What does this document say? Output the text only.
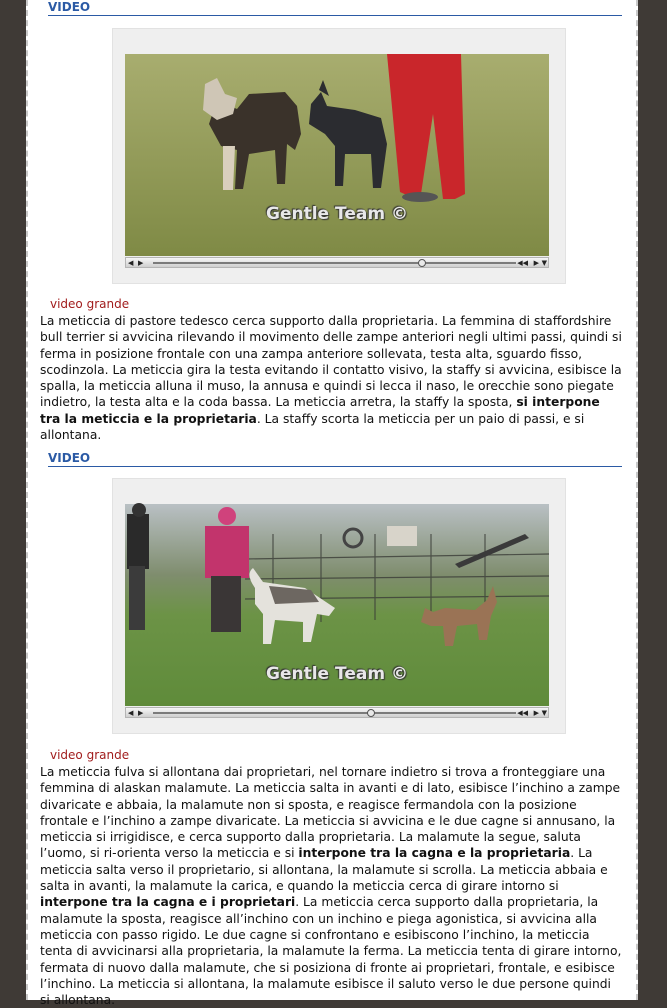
VIDEO
Gentle Team ©
◀ ▶	◀◀ ▶ ▼
video grande

La meticcia di pastore tedesco cerca supporto dalla proprietaria. La femmina di staffordshire bull terrier si avvicina rilevando il movimento delle zampe anteriori negli ultimi passi, quindi si ferma in posizione frontale con una zampa anteriore sollevata, testa alta, sguardo fisso, scodinzola. La meticcia gira la testa evitando il contatto visivo, la staffy si avvicina, esibisce la spalla, la meticcia alluna il muso, la annusa e quindi si lecca il naso, le orecchie sono piegate indietro, la testa alta e la coda bassa. La meticcia arretra, la staffy la sposta, si interpone tra la meticcia e la proprietaria. La staffy scorta la meticcia per un paio di passi, e si allontana.

VIDEO
Gentle Team ©
◀ ▶	◀◀ ▶ ▼
video grande

La meticcia fulva si allontana dai proprietari, nel tornare indietro si trova a fronteggiare una femmina di alaskan malamute. La meticcia salta in avanti e di lato, esibisce l’inchino a zampe divaricate e abbaia, la malamute non si sposta, e reagisce fermandola con la posizione frontale e l’inchino a zampe divaricate. La meticcia si avvicina e le due cagne si annusano, la meticcia si irrigidisce, e cerca supporto dalla proprietaria. La malamute la segue, saluta l’uomo, si ri-orienta verso la meticcia e si interpone tra la cagna e la proprietaria. La meticcia salta verso il proprietario, si allontana, la malamute si scrolla. La meticcia abbaia e salta in avanti, la malamute la carica, e quando la meticcia cerca di girare intorno si interpone tra la cagna e i proprietari. La meticcia cerca supporto dalla proprietaria, la malamute la sposta, reagisce all’inchino con un inchino e piega agonistica, si avvicina alla meticcia con passo rigido. Le due cagne si confrontano e esibiscono l’inchino, la meticcia tenta di avvicinarsi alla proprietaria, la malamute la ferma. La meticcia tenta di girare intorno, fermata di nuovo dalla malamute, che si posiziona di fronte ai proprietari, frontale, e esibisce l’inchino. La meticcia si allontana, la malamute esibisce il saluto verso le due persone quindi si allontana.
